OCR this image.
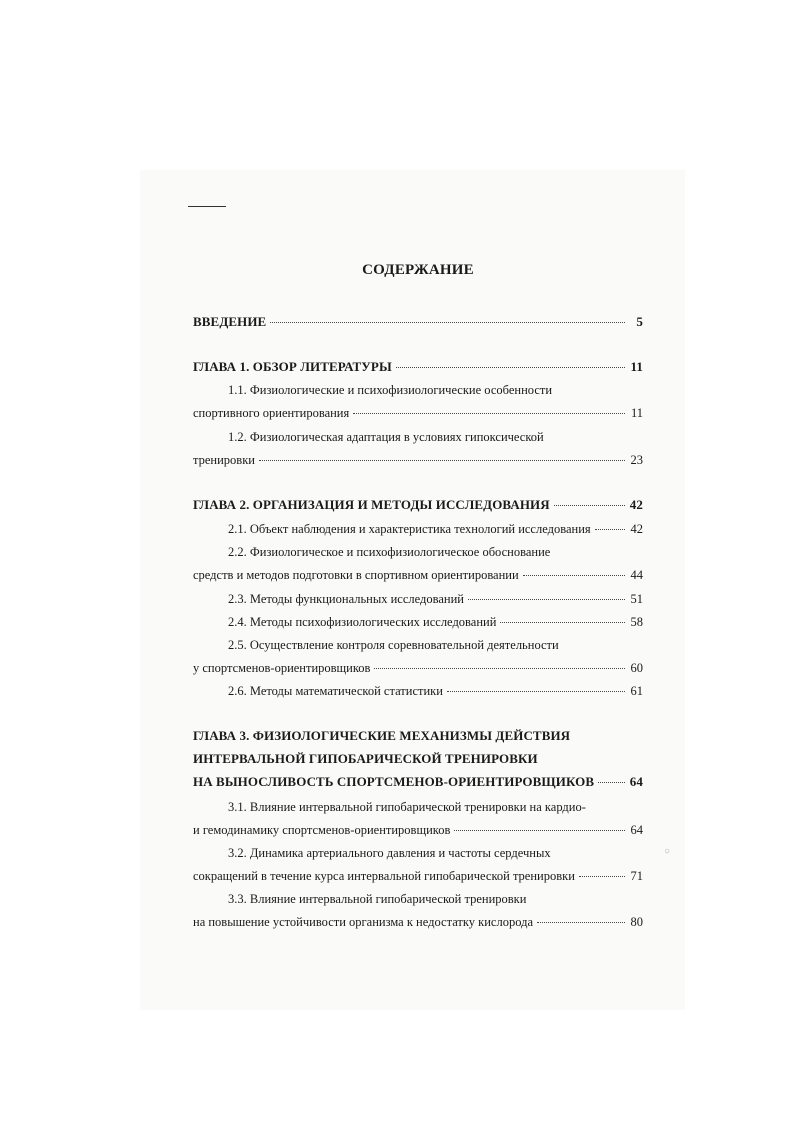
○
СОДЕРЖАНИЕ
ВВЕДЕНИЕ	5
ГЛАВА 1. ОБЗОР ЛИТЕРАТУРЫ	11
1.1. Физиологические и психофизиологические особенности
спортивного ориентирования	11
1.2. Физиологическая адаптация в условиях гипоксической
тренировки	23
ГЛАВА 2. ОРГАНИЗАЦИЯ И МЕТОДЫ ИССЛЕДОВАНИЯ	42
2.1. Объект наблюдения и характеристика технологий исследования	42
2.2. Физиологическое и психофизиологическое обоснование
средств и методов подготовки в спортивном ориентировании	44
2.3. Методы функциональных исследований	51
2.4. Методы психофизиологических исследований	58
2.5. Осуществление контроля соревновательной деятельности
у спортсменов-ориентировщиков	60
2.6. Методы математической статистики	61
ГЛАВА 3. ФИЗИОЛОГИЧЕСКИЕ МЕХАНИЗМЫ ДЕЙСТВИЯ
ИНТЕРВАЛЬНОЙ ГИПОБАРИЧЕСКОЙ ТРЕНИРОВКИ
НА ВЫНОСЛИВОСТЬ СПОРТСМЕНОВ-ОРИЕНТИРОВЩИКОВ	64
3.1. Влияние интервальной гипобарической тренировки на кардио-
и гемодинамику спортсменов-ориентировщиков	64
3.2. Динамика артериального давления и частоты сердечных
сокращений в течение курса интервальной гипобарической тренировки	71
3.3. Влияние интервальной гипобарической тренировки
на повышение устойчивости организма к недостатку кислорода	80
